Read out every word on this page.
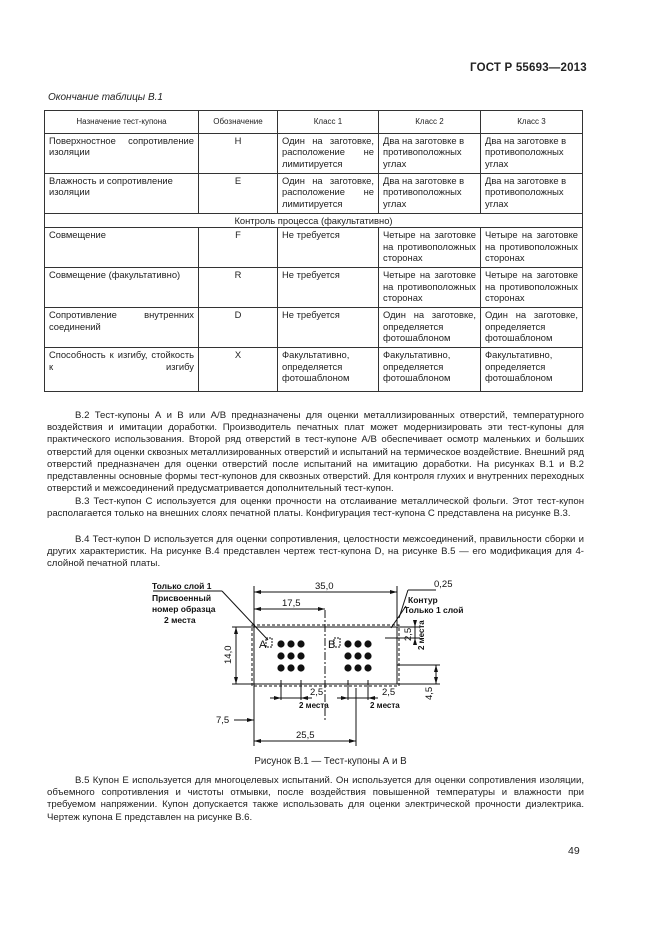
ГОСТ Р 55693—2013
Окончание таблицы В.1
Назначение тест-купона	Обозначение	Класс 1	Класс 2	Класс 3
Поверхностное сопротивление изоляции	H	Один на заготовке, расположение не лимитируется	Два на заготовке в противоположных углах	Два на заготовке в противоположных углах
Влажность и сопротивление изоляции	E	Один на заготовке, расположение не лимитируется	Два на заготовке в противоположных углах	Два на заготовке в противоположных углах
Контроль процесса (факультативно)				
Совмещение	F	Не требуется	Четыре на заготовке на противоположных сторонах	Четыре на заготовке на противоположных сторонах
Совмещение (факультативно)	R	Не требуется	Четыре на заготовке на противоположных сторонах	Четыре на заготовке на противоположных сторонах
Сопротивление внутренних соединений	D	Не требуется	Один на заготовке, определяется фотошаблоном	Один на заготовке, определяется фотошаблоном
Способность к изгибу, стойкость к изгибу	X	Факультативно, определяется фотошаблоном	Факультативно, определяется фотошаблоном	Факультативно, определяется фотошаблоном

В.2 Тест-купоны А и В или А/В предназначены для оценки металлизированных отверстий, температурного воздействия и имитации доработки. Производитель печатных плат может модернизировать эти тест-купоны для практического использования. Второй ряд отверстий в тест-купоне А/В обеспечивает осмотр маленьких и больших отверстий для оценки сквозных металлизированных отверстий и испытаний на термическое воздействие. Внешний ряд отверстий предназначен для оценки отверстий после испытаний на имитацию доработки. На рисунках В.1 и В.2 представленны основные формы тест-купонов для сквозных отверстий. Для контроля глухих и внутренних переходных отверстий и межсоединений предусматривается дополнительный тест-купон.

В.3 Тест-купон С используется для оценки прочности на отслаивание металлической фольги. Этот тест-купон располагается только на внешних слоях печатной платы. Конфигурация тест-купона С представлена на рисунке В.3.

В.4 Тест-купон D используется для оценки сопротивления, целостности межсоединений, правильности сборки и других характеристик. На рисунке В.4 представлен чертеж тест-купона D, на рисунке В.5 — его модификация для 4-слойной печатной платы.

Только слой 1
Присвоенный
номер образца
2 места
Контур
Только 1 слой
A	B
35,0	0,25
17,5
14,0
2,5
4,5
2,5	2,5
7,5
25,5
2 места
2 места	2 места
Рисунок В.1 — Тест-купоны А и В

В.5 Купон Е используется для многоцелевых испытаний. Он используется для оценки сопротивления изоляции, объемного сопротивления и чистоты отмывки, после воздействия повышенной температуры и влажности при требуемом напряжении. Купон допускается также использовать для оценки электрической прочности диэлектрика. Чертеж купона Е представлен на рисунке В.6.

49
